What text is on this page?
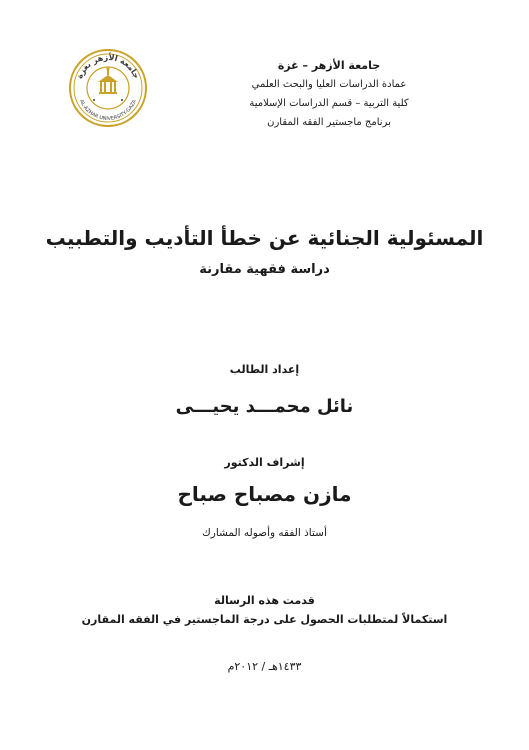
جامعة الأزهر – غزة
عمادة الدراسات العليا والبحث العلمي
كلية التربية – قسم الدراسات الإسلامية
برنامج ماجستير الفقه المقارن
جامعة الأزهر بغزة
AL-AZHAR UNIVERSITY-GAZA
المسئولية الجنائية عن خطأ التأديب والتطبيب
دراسة فقهية مقارنة
إعداد الطالب
نائل محمـــد يحيـــى
إشراف الدكتور
مازن مصباح صباح
أستاذ الفقه وأصوله المشارك
قدمت هذه الرسالة
استكمالاً لمتطلبات الحصول على درجة الماجستير في الفقه المقارن
١٤٣٣هـ / ٢٠١٢م
